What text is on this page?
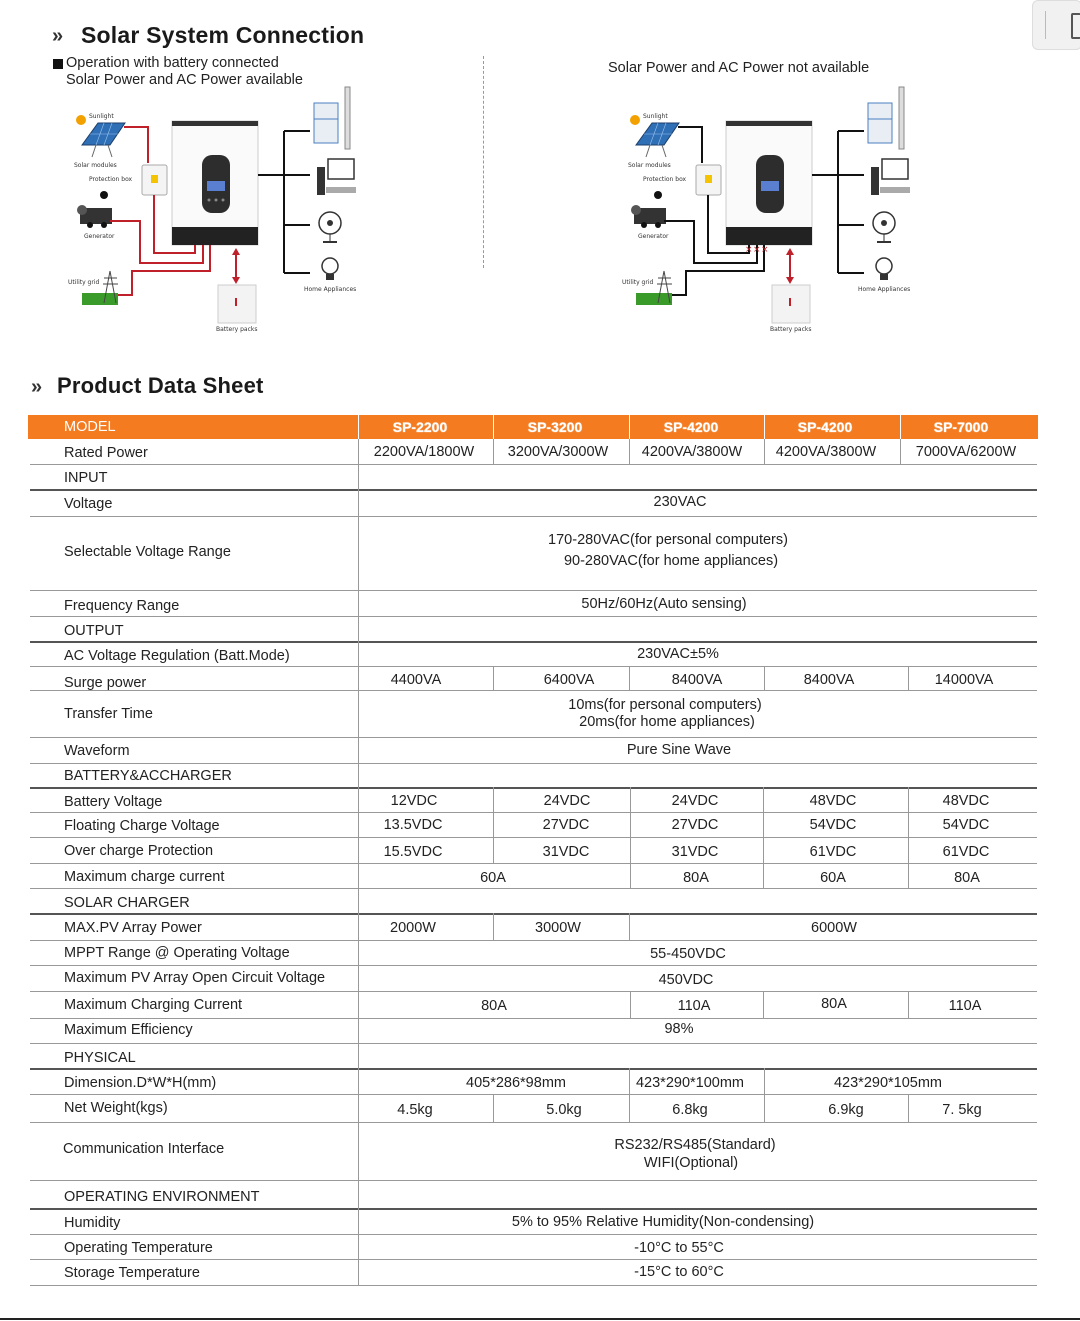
» Solar System Connection
Operation with battery connected
Solar Power and AC Power available
Solar Power and AC Power not available
Sunlight
Solar modules
Protection box
Generator
Utility grid
Battery packs
Home Appliances
× × ×
Sunlight
Solar modules
Protection box
Generator
Utility grid
Battery packs
Home Appliances
» Product Data Sheet
MODEL	SP-2200	SP-3200	SP-4200	SP-4200	SP-7000
Rated Power	2200VA/1800W 3200VA/3000W 4200VA/3800W 4200VA/3800W	7000VA/6200W
INPUT
Voltage	230VAC
Selectable Voltage Range
170-280VAC(for personal computers)
90-280VAC(for home appliances)
Frequency Range	50Hz/60Hz(Auto sensing)
OUTPUT
AC Voltage Regulation (Batt.Mode)	230VAC±5%
Surge power	4400VA	6400VA	8400VA	8400VA	14000VA
Transfer Time
10ms(for personal computers)
20ms(for home appliances)
Waveform	Pure Sine Wave
BATTERY&ACCHARGER
Battery Voltage	12VDC	24VDC	24VDC	48VDC	48VDC
Floating Charge Voltage	13.5VDC	27VDC	27VDC	54VDC	54VDC
Over charge Protection	15.5VDC	31VDC	31VDC	61VDC	61VDC
Maximum charge current	60A	80A	60A	80A
SOLAR CHARGER
MAX.PV Array Power	2000W	3000W	6000W
MPPT Range @ Operating Voltage	55-450VDC
Maximum PV Array Open Circuit Voltage	450VDC
Maximum Charging Current	80A	110A	80A	110A
Maximum Efficiency	98%
PHYSICAL
Dimension.D*W*H(mm)	405*286*98mm	423*290*100mm	423*290*105mm
Net Weight(kgs)	4.5kg	5.0kg	6.8kg	6.9kg	7. 5kg
Communication Interface	RS232/RS485(Standard)
WIFI(Optional)
OPERATING ENVIRONMENT
Humidity	5% to 95% Relative Humidity(Non-condensing)
Operating Temperature	-10°C to 55°C
Storage Temperature	-15°C to 60°C
